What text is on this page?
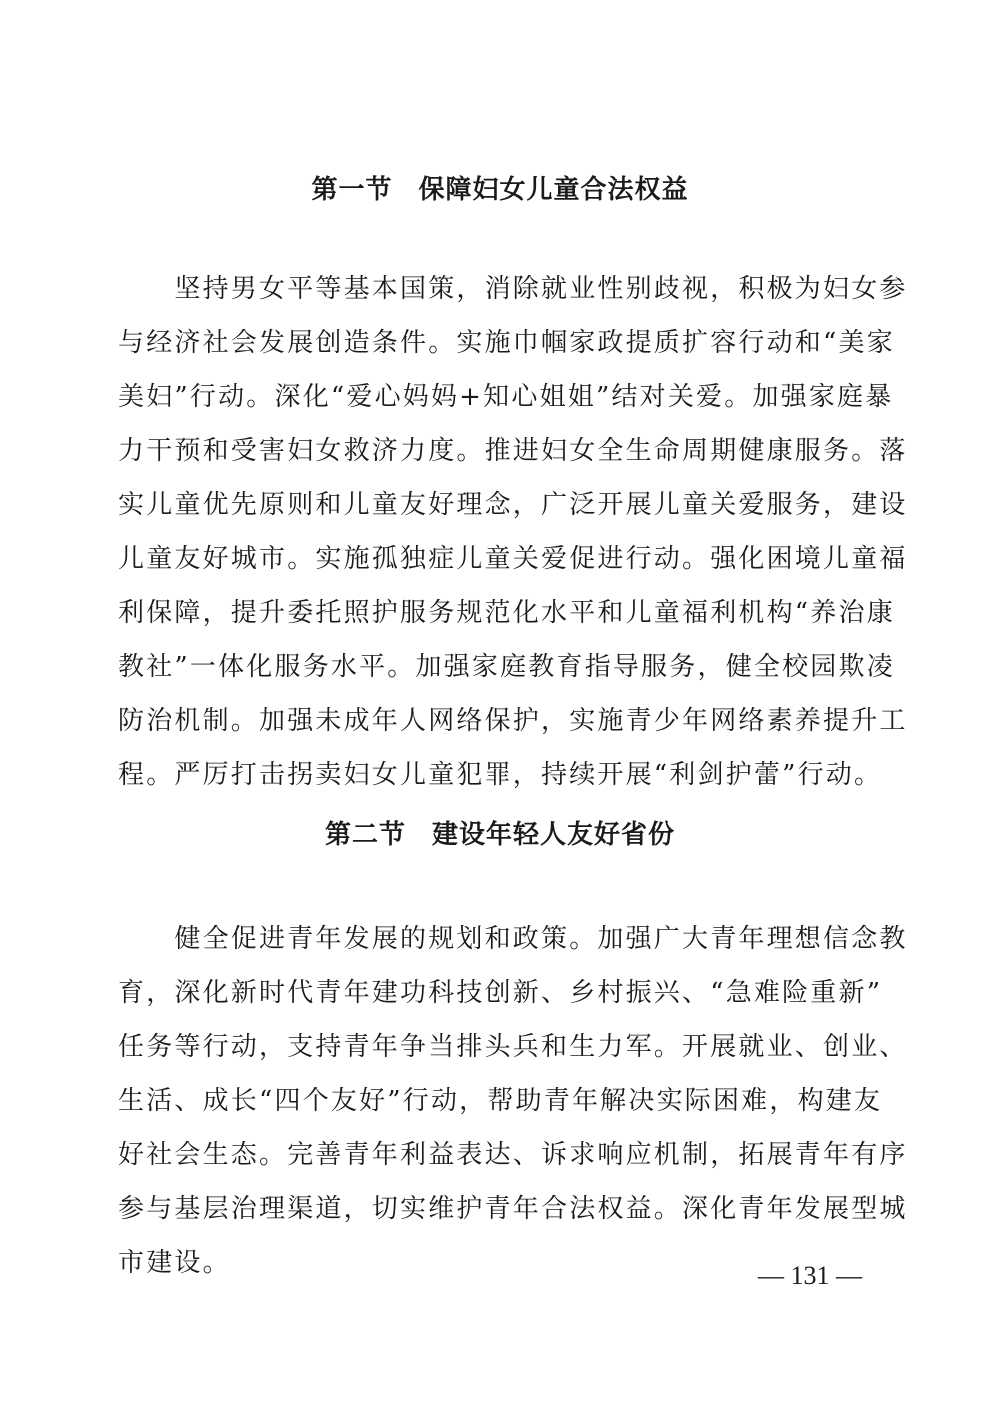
第一节 保障妇女儿童合法权益
　　坚持男女平等基本国策，消除就业性别歧视，积极为妇女参
与经济社会发展创造条件。实施巾帼家政提质扩容行动和“美家
美妇”行动。深化“爱心妈妈+知心姐姐”结对关爱。加强家庭暴
力干预和受害妇女救济力度。推进妇女全生命周期健康服务。落
实儿童优先原则和儿童友好理念，广泛开展儿童关爱服务，建设
儿童友好城市。实施孤独症儿童关爱促进行动。强化困境儿童福
利保障，提升委托照护服务规范化水平和儿童福利机构“养治康
教社”一体化服务水平。加强家庭教育指导服务，健全校园欺凌
防治机制。加强未成年人网络保护，实施青少年网络素养提升工
程。严厉打击拐卖妇女儿童犯罪，持续开展“利剑护蕾”行动。
第二节 建设年轻人友好省份
　　健全促进青年发展的规划和政策。加强广大青年理想信念教
育，深化新时代青年建功科技创新、乡村振兴、“急难险重新”
任务等行动，支持青年争当排头兵和生力军。开展就业、创业、
生活、成长“四个友好”行动，帮助青年解决实际困难，构建友
好社会生态。完善青年利益表达、诉求响应机制，拓展青年有序
参与基层治理渠道，切实维护青年合法权益。深化青年发展型城
市建设。	— 131 —
